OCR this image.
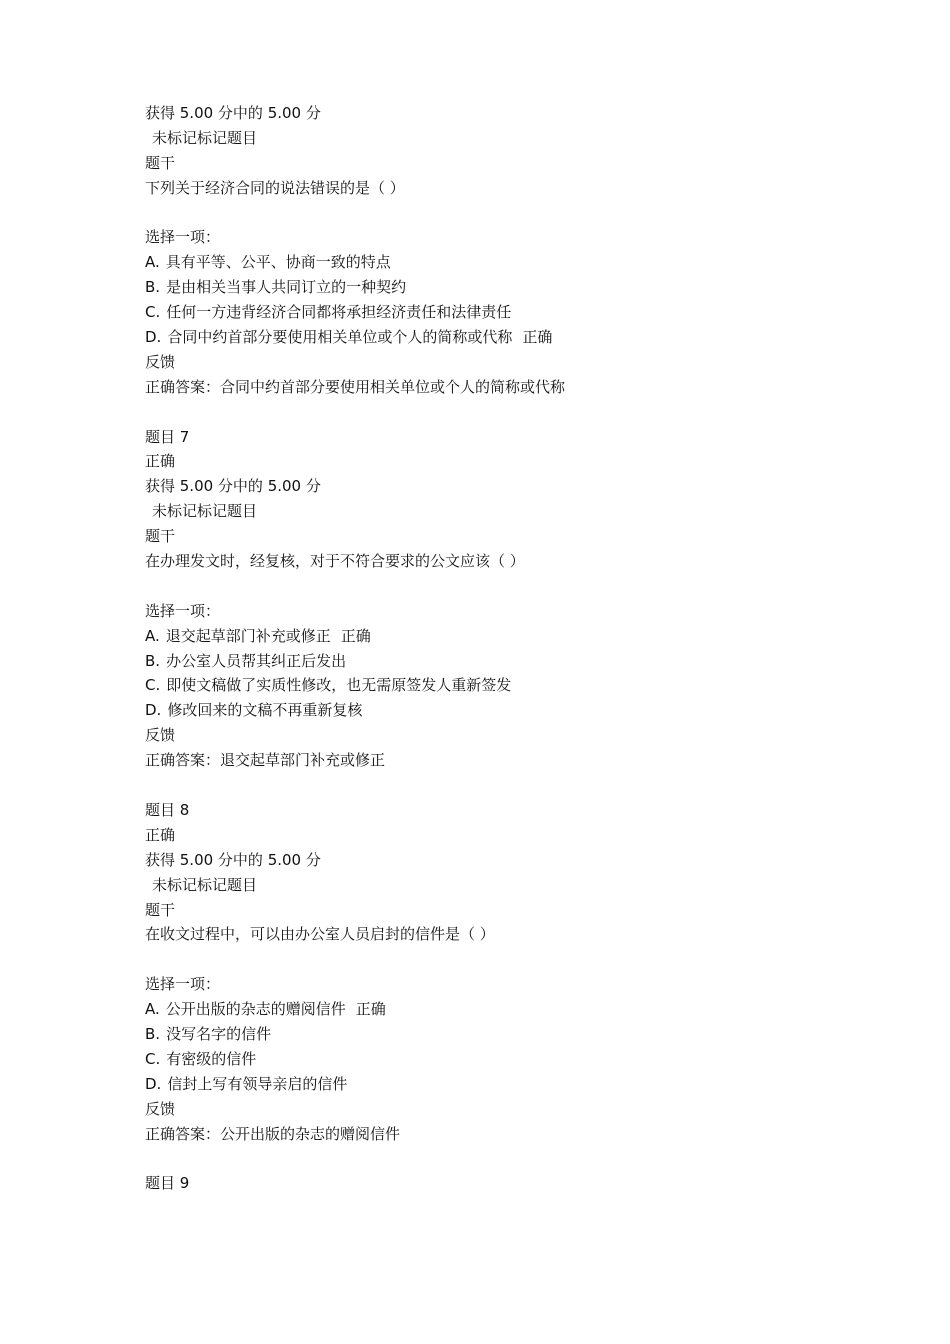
获得 5.00 分中的 5.00 分
未标记标记题目
题干
下列关于经济合同的说法错误的是（ ）
选择一项：
A. 具有平等、公平、协商一致的特点
B. 是由相关当事人共同订立的一种契约
C. 任何一方违背经济合同都将承担经济责任和法律责任
D. 合同中约首部分要使用相关单位或个人的简称或代称 正确
反馈
正确答案：合同中约首部分要使用相关单位或个人的简称或代称
题目 7
正确
获得 5.00 分中的 5.00 分
未标记标记题目
题干
在办理发文时，经复核，对于不符合要求的公文应该（ ）
选择一项：
A. 退交起草部门补充或修正 正确
B. 办公室人员帮其纠正后发出
C. 即使文稿做了实质性修改，也无需原签发人重新签发
D. 修改回来的文稿不再重新复核
反馈
正确答案：退交起草部门补充或修正
题目 8
正确
获得 5.00 分中的 5.00 分
未标记标记题目
题干
在收文过程中，可以由办公室人员启封的信件是（ ）
选择一项：
A. 公开出版的杂志的赠阅信件 正确
B. 没写名字的信件
C. 有密级的信件
D. 信封上写有领导亲启的信件
反馈
正确答案：公开出版的杂志的赠阅信件
题目 9
